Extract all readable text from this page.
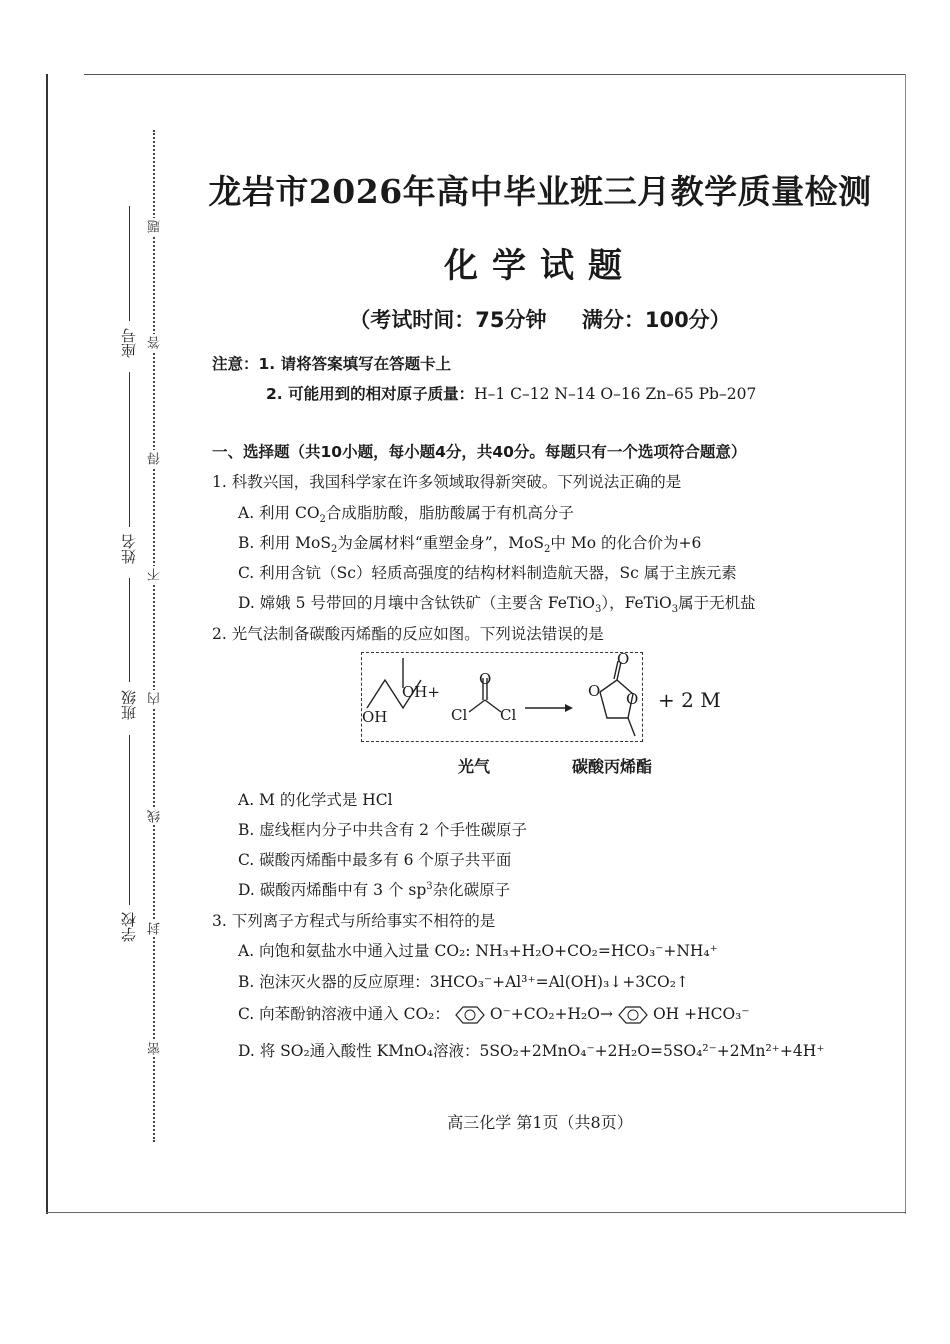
学校
班级
姓名
座号
密
封
线
内
不
得
答
题
龙岩市2026年高中毕业班三月教学质量检测
化学试题
（考试时间：75分钟 满分：100分）
注意：1. 请将答案填写在答题卡上
2. 可能用到的相对原子质量：H–1 C–12 N–14 O–16 Zn–65 Pb–207
一、选择题（共10小题，每小题4分，共40分。每题只有一个选项符合题意）
1. 科教兴国，我国科学家在许多领域取得新突破。下列说法正确的是
A. 利用 $CO_2$合成脂肪酸，脂肪酸属于有机高分子
B. 利用 MoS$_2$为金属材料“重塑金身”，MoS$_2$中 Mo 的化合价为+6
C. 利用含钪（Sc）轻质高强度的结构材料制造航天器，Sc 属于主族元素
D. 嫦娥 5 号带回的月壤中含钛铁矿（主要含 FeTiO$_3$），FeTiO$_3$属于无机盐
2. 光气法制备碳酸丙烯酯的反应如图。下列说法错误的是
OH+
OH
O
Cl Cl
O
O O + 2 M
光气	碳酸丙烯酯
A. M 的化学式是 HCl
B. 虚线框内分子中共含有 2 个手性碳原子
C. 碳酸丙烯酯中最多有 6 个原子共平面
D. 碳酸丙烯酯中有 3 个 $sp^3$杂化碳原子
3. 下列离子方程式与所给事实不相符的是
A. 向饱和氨盐水中通入过量 CO₂: NH₃+H₂O+CO₂=HCO₃⁻+NH₄⁺
B. 泡沫灭火器的反应原理：3HCO₃⁻+Al³⁺=Al(OH)₃↓+3CO₂↑
C. 向苯酚钠溶液中通入 CO₂：	O⁻+CO₂+H₂O→	OH +HCO₃⁻
D. 将 SO₂通入酸性 KMnO₄溶液：5SO₂+2MnO₄⁻+2H₂O=5SO₄²⁻+2Mn²⁺+4H⁺
高三化学 第1页（共8页）
